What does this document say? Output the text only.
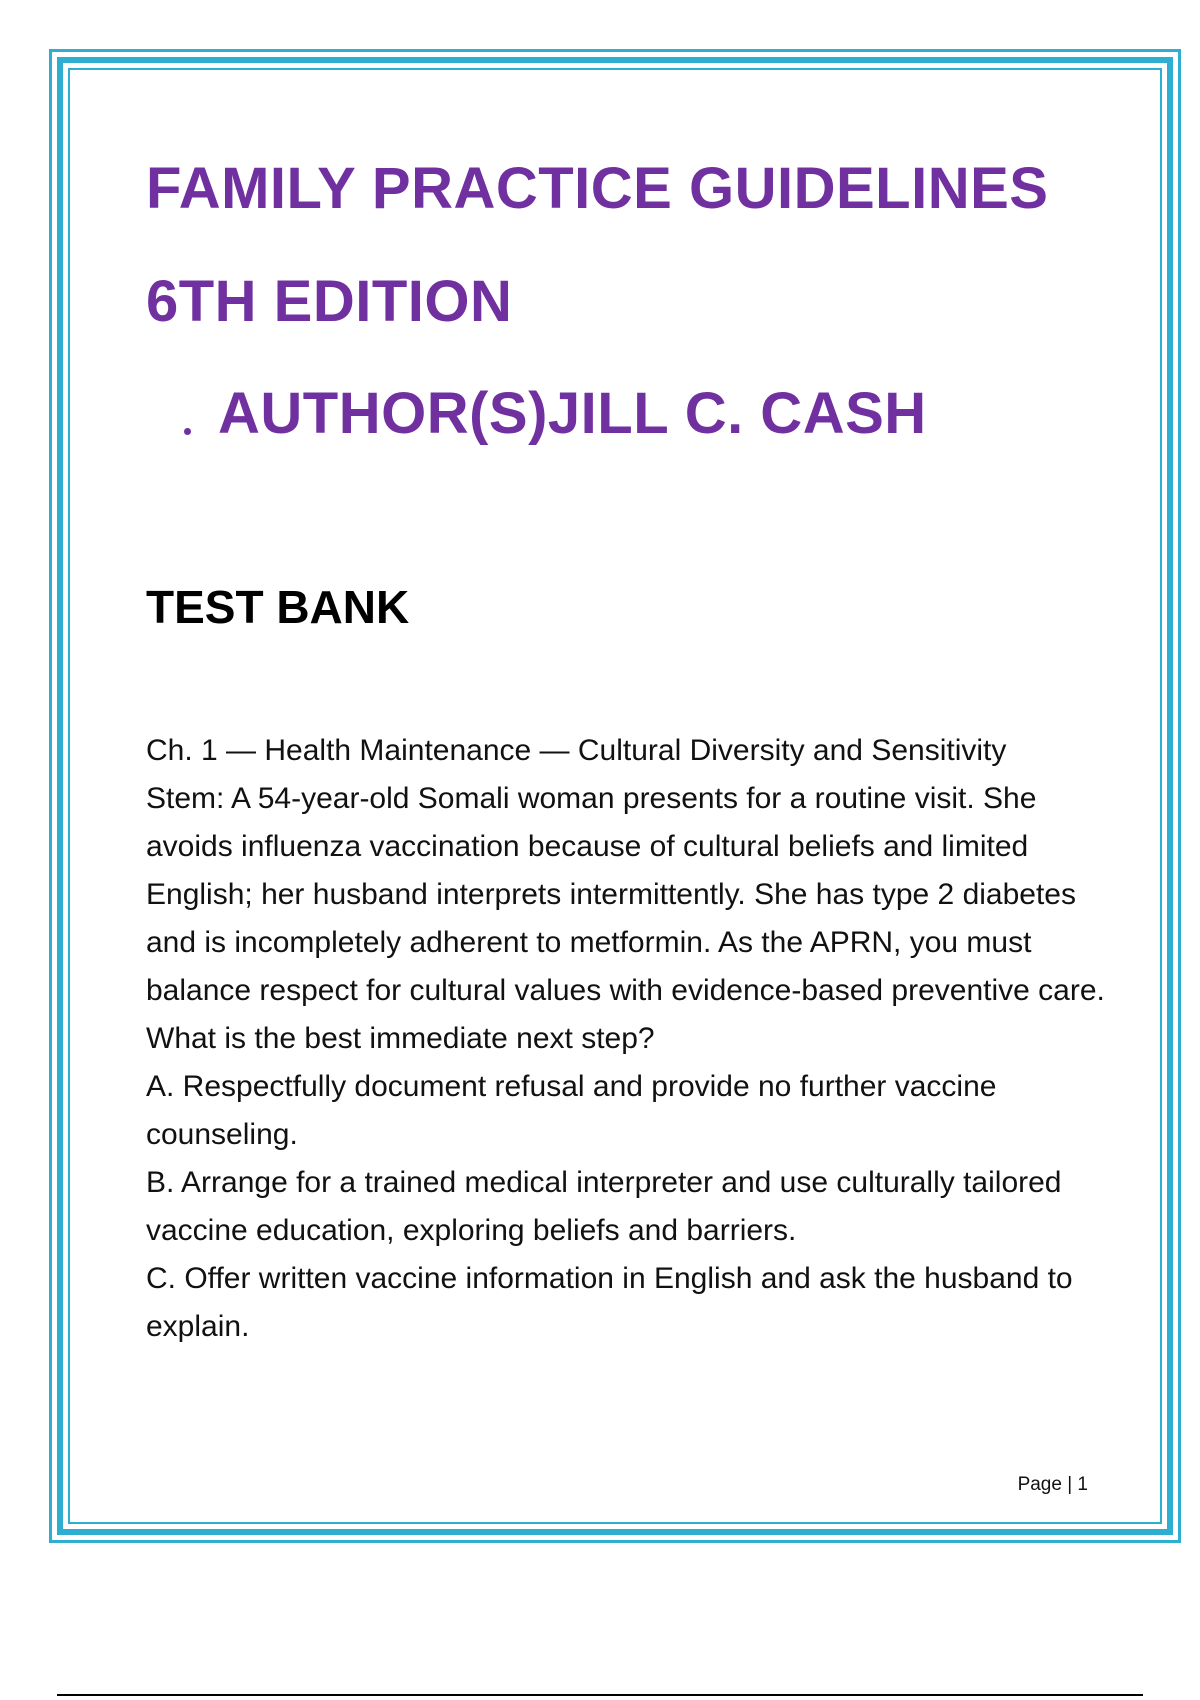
FAMILY PRACTICE GUIDELINES
6TH EDITION
AUTHOR(S)JILL C. CASH
TEST BANK

Ch. 1 — Health Maintenance — Cultural Diversity and Sensitivity

Stem: A 54-year-old Somali woman presents for a routine visit. She avoids influenza vaccination because of cultural beliefs and limited English; her husband interprets intermittently. She has type 2 diabetes and is incompletely adherent to metformin. As the APRN, you must balance respect for cultural values with evidence-based preventive care. What is the best immediate next step?

A. Respectfully document refusal and provide no further vaccine counseling.

B. Arrange for a trained medical interpreter and use culturally tailored vaccine education, exploring beliefs and barriers.

C. Offer written vaccine information in English and ask the husband to explain.

Page | 1
